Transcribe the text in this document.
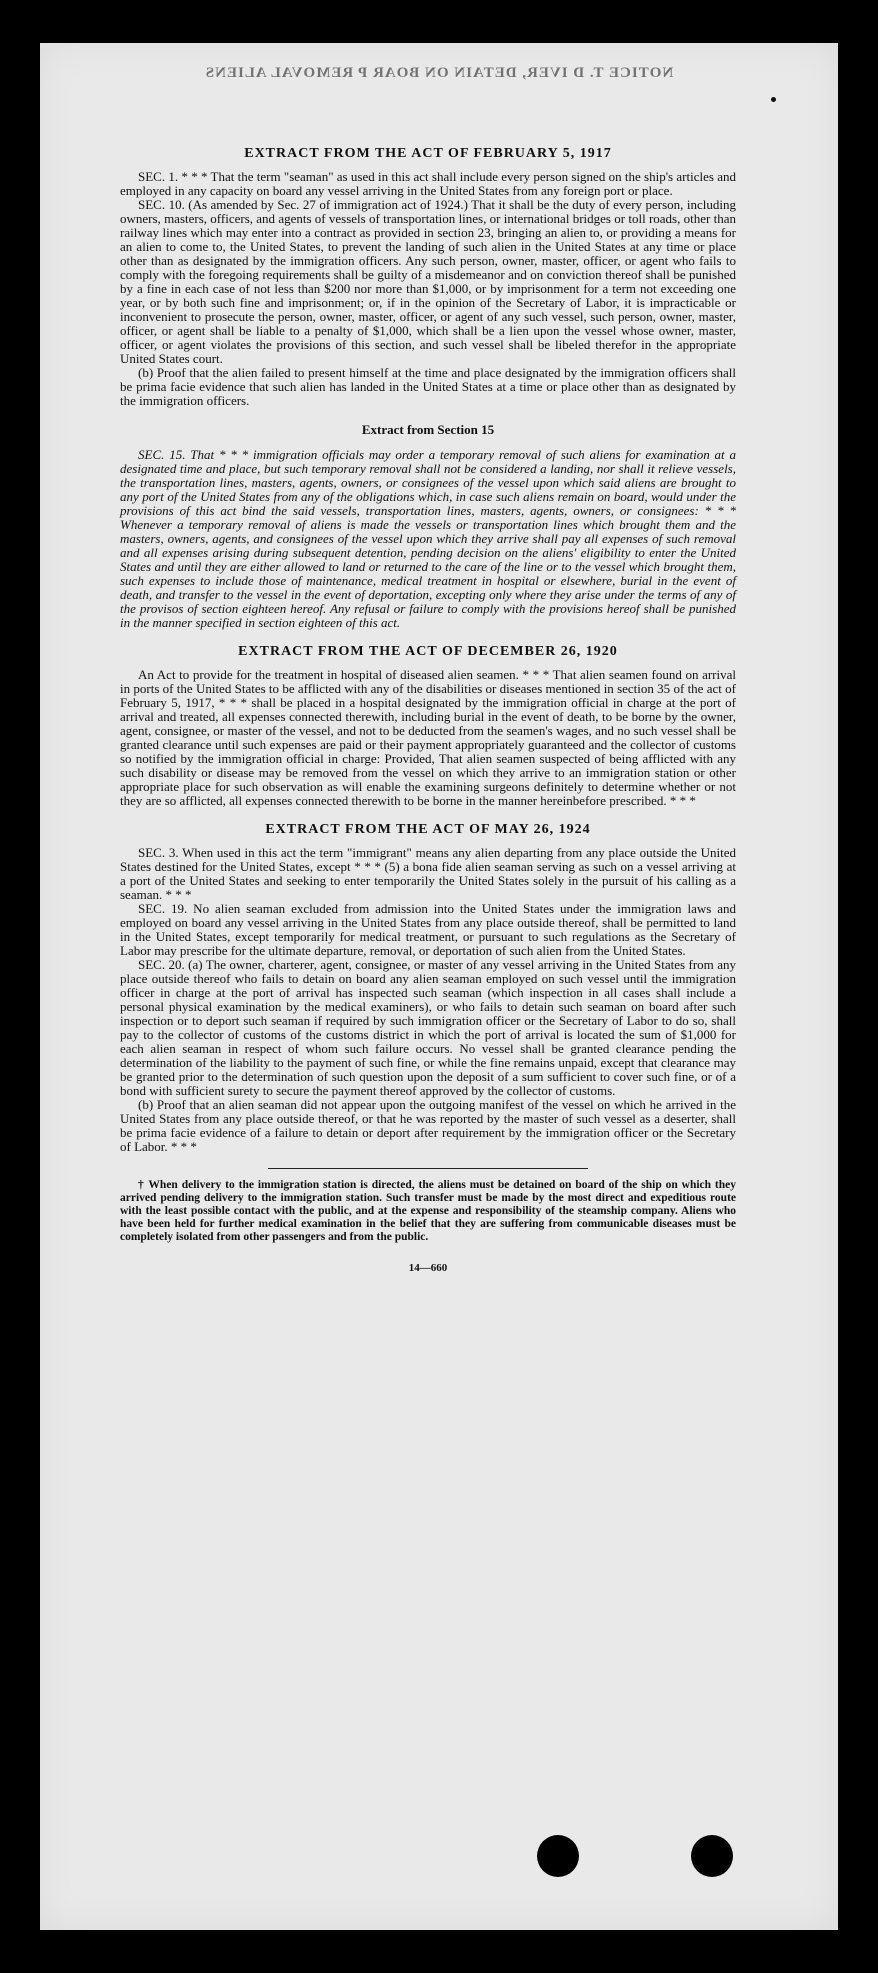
NOTICE T. D IVER, DETAIN ON BOAR P REMOVAL ALIENS
EXTRACT FROM THE ACT OF FEBRUARY 5, 1917

SEC. 1. * * * That the term "seaman" as used in this act shall include every person signed on the ship's articles and employed in any capacity on board any vessel arriving in the United States from any foreign port or place.

SEC. 10. (As amended by Sec. 27 of immigration act of 1924.) That it shall be the duty of every person, including owners, masters, officers, and agents of vessels of transportation lines, or international bridges or toll roads, other than railway lines which may enter into a contract as provided in section 23, bringing an alien to, or providing a means for an alien to come to, the United States, to prevent the landing of such alien in the United States at any time or place other than as designated by the immigration officers. Any such person, owner, master, officer, or agent who fails to comply with the foregoing requirements shall be guilty of a misdemeanor and on conviction thereof shall be punished by a fine in each case of not less than $200 nor more than $1,000, or by imprisonment for a term not exceeding one year, or by both such fine and imprisonment; or, if in the opinion of the Secretary of Labor, it is impracticable or inconvenient to prosecute the person, owner, master, officer, or agent of any such vessel, such person, owner, master, officer, or agent shall be liable to a penalty of $1,000, which shall be a lien upon the vessel whose owner, master, officer, or agent violates the provisions of this section, and such vessel shall be libeled therefor in the appropriate United States court.

(b) Proof that the alien failed to present himself at the time and place designated by the immigration officers shall be prima facie evidence that such alien has landed in the United States at a time or place other than as designated by the immigration officers.

Extract from Section 15

SEC. 15. That * * * immigration officials may order a temporary removal of such aliens for examination at a designated time and place, but such temporary removal shall not be considered a landing, nor shall it relieve vessels, the transportation lines, masters, agents, owners, or consignees of the vessel upon which said aliens are brought to any port of the United States from any of the obligations which, in case such aliens remain on board, would under the provisions of this act bind the said vessels, transportation lines, masters, agents, owners, or consignees: * * * Whenever a temporary removal of aliens is made the vessels or transportation lines which brought them and the masters, owners, agents, and consignees of the vessel upon which they arrive shall pay all expenses of such removal and all expenses arising during subsequent detention, pending decision on the aliens' eligibility to enter the United States and until they are either allowed to land or returned to the care of the line or to the vessel which brought them, such expenses to include those of maintenance, medical treatment in hospital or elsewhere, burial in the event of death, and transfer to the vessel in the event of deportation, excepting only where they arise under the terms of any of the provisos of section eighteen hereof. Any refusal or failure to comply with the provisions hereof shall be punished in the manner specified in section eighteen of this act.

EXTRACT FROM THE ACT OF DECEMBER 26, 1920

An Act to provide for the treatment in hospital of diseased alien seamen. * * * That alien seamen found on arrival in ports of the United States to be afflicted with any of the disabilities or diseases mentioned in section 35 of the act of February 5, 1917, * * * shall be placed in a hospital designated by the immigration official in charge at the port of arrival and treated, all expenses connected therewith, including burial in the event of death, to be borne by the owner, agent, consignee, or master of the vessel, and not to be deducted from the seamen's wages, and no such vessel shall be granted clearance until such expenses are paid or their payment appropriately guaranteed and the collector of customs so notified by the immigration official in charge: Provided, That alien seamen suspected of being afflicted with any such disability or disease may be removed from the vessel on which they arrive to an immigration station or other appropriate place for such observation as will enable the examining surgeons definitely to determine whether or not they are so afflicted, all expenses connected therewith to be borne in the manner hereinbefore prescribed. * * *

EXTRACT FROM THE ACT OF MAY 26, 1924

SEC. 3. When used in this act the term "immigrant" means any alien departing from any place outside the United States destined for the United States, except * * * (5) a bona fide alien seaman serving as such on a vessel arriving at a port of the United States and seeking to enter temporarily the United States solely in the pursuit of his calling as a seaman. * * *

SEC. 19. No alien seaman excluded from admission into the United States under the immigration laws and employed on board any vessel arriving in the United States from any place outside thereof, shall be permitted to land in the United States, except temporarily for medical treatment, or pursuant to such regulations as the Secretary of Labor may prescribe for the ultimate departure, removal, or deportation of such alien from the United States.

SEC. 20. (a) The owner, charterer, agent, consignee, or master of any vessel arriving in the United States from any place outside thereof who fails to detain on board any alien seaman employed on such vessel until the immigration officer in charge at the port of arrival has inspected such seaman (which inspection in all cases shall include a personal physical examination by the medical examiners), or who fails to detain such seaman on board after such inspection or to deport such seaman if required by such immigration officer or the Secretary of Labor to do so, shall pay to the collector of customs of the customs district in which the port of arrival is located the sum of $1,000 for each alien seaman in respect of whom such failure occurs. No vessel shall be granted clearance pending the determination of the liability to the payment of such fine, or while the fine remains unpaid, except that clearance may be granted prior to the determination of such question upon the deposit of a sum sufficient to cover such fine, or of a bond with sufficient surety to secure the payment thereof approved by the collector of customs.

(b) Proof that an alien seaman did not appear upon the outgoing manifest of the vessel on which he arrived in the United States from any place outside thereof, or that he was reported by the master of such vessel as a deserter, shall be prima facie evidence of a failure to detain or deport after requirement by the immigration officer or the Secretary of Labor. * * *

† When delivery to the immigration station is directed, the aliens must be detained on board of the ship on which they arrived pending delivery to the immigration station. Such transfer must be made by the most direct and expeditious route with the least possible contact with the public, and at the expense and responsibility of the steamship company. Aliens who have been held for further medical examination in the belief that they are suffering from communicable diseases must be completely isolated from other passengers and from the public.

14—660
